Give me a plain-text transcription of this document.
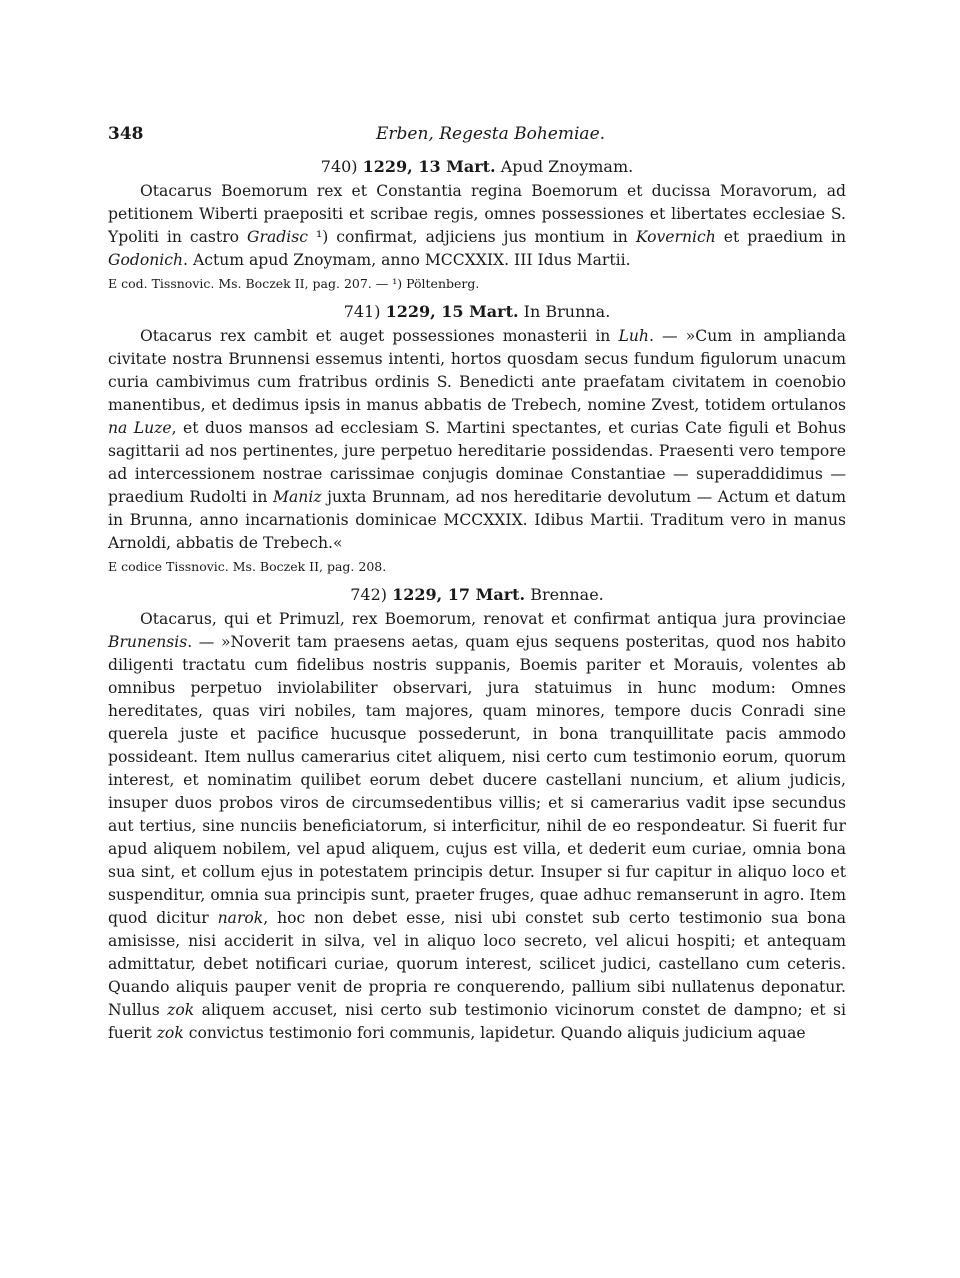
348	Erben, Regesta Bohemiae.
740) 1229, 13 Mart. Apud Znoymam.

Otacarus Boemorum rex et Constantia regina Boemorum et ducissa Moravorum, ad petitionem Wiberti praepositi et scribae regis, omnes possessiones et libertates ecclesiae S. Ypoliti in castro Gradisc ¹) confirmat, adjiciens jus montium in Kovernich et praedium in Godonich. Actum apud Znoymam, anno MCCXXIX. III Idus Martii.

E cod. Tissnovic. Ms. Boczek II, pag. 207. — ¹) Pöltenberg.
741) 1229, 15 Mart. In Brunna.

Otacarus rex cambit et auget possessiones monasterii in Luh. — »Cum in amplianda civitate nostra Brunnensi essemus intenti, hortos quosdam secus fundum figulorum unacum curia cambivimus cum fratribus ordinis S. Benedicti ante praefatam civitatem in coenobio manentibus, et dedimus ipsis in manus abbatis de Trebech, nomine Zvest, totidem ortulanos na Luze, et duos mansos ad ecclesiam S. Martini spectantes, et curias Cate figuli et Bohus sagittarii ad nos pertinentes, jure perpetuo hereditarie possidendas. Praesenti vero tempore ad intercessionem nostrae carissimae conjugis dominae Constantiae — superaddidimus — praedium Rudolti in Maniz juxta Brunnam, ad nos hereditarie devolutum — Actum et datum in Brunna, anno incarnationis dominicae MCCXXIX. Idibus Martii. Traditum vero in manus Arnoldi, abbatis de Trebech.«

E codice Tissnovic. Ms. Boczek II, pag. 208.
742) 1229, 17 Mart. Brennae.

Otacarus, qui et Primuzl, rex Boemorum, renovat et confirmat antiqua jura provinciae Brunensis. — »Noverit tam praesens aetas, quam ejus sequens posteritas, quod nos habito diligenti tractatu cum fidelibus nostris suppanis, Boemis pariter et Morauis, volentes ab omnibus perpetuo inviolabiliter observari, jura statuimus in hunc modum: Omnes hereditates, quas viri nobiles, tam majores, quam minores, tempore ducis Conradi sine querela juste et pacifice hucusque possederunt, in bona tranquillitate pacis ammodo possideant. Item nullus camerarius citet aliquem, nisi certo cum testimonio eorum, quorum interest, et nominatim quilibet eorum debet ducere castellani nuncium, et alium judicis, insuper duos probos viros de circumsedentibus villis; et si camerarius vadit ipse secundus aut tertius, sine nunciis beneficiatorum, si interficitur, nihil de eo respondeatur. Si fuerit fur apud aliquem nobilem, vel apud aliquem, cujus est villa, et dederit eum curiae, omnia bona sua sint, et collum ejus in potestatem principis detur. Insuper si fur capitur in aliquo loco et suspenditur, omnia sua principis sunt, praeter fruges, quae adhuc remanserunt in agro. Item quod dicitur narok, hoc non debet esse, nisi ubi constet sub certo testimonio sua bona amisisse, nisi acciderit in silva, vel in aliquo loco secreto, vel alicui hospiti; et antequam admittatur, debet notificari curiae, quorum interest, scilicet judici, castellano cum ceteris. Quando aliquis pauper venit de propria re conquerendo, pallium sibi nullatenus deponatur. Nullus zok aliquem accuset, nisi certo sub testimonio vicinorum constet de dampno; et si fuerit zok convictus testimonio fori communis, lapidetur. Quando aliquis judicium aquae
